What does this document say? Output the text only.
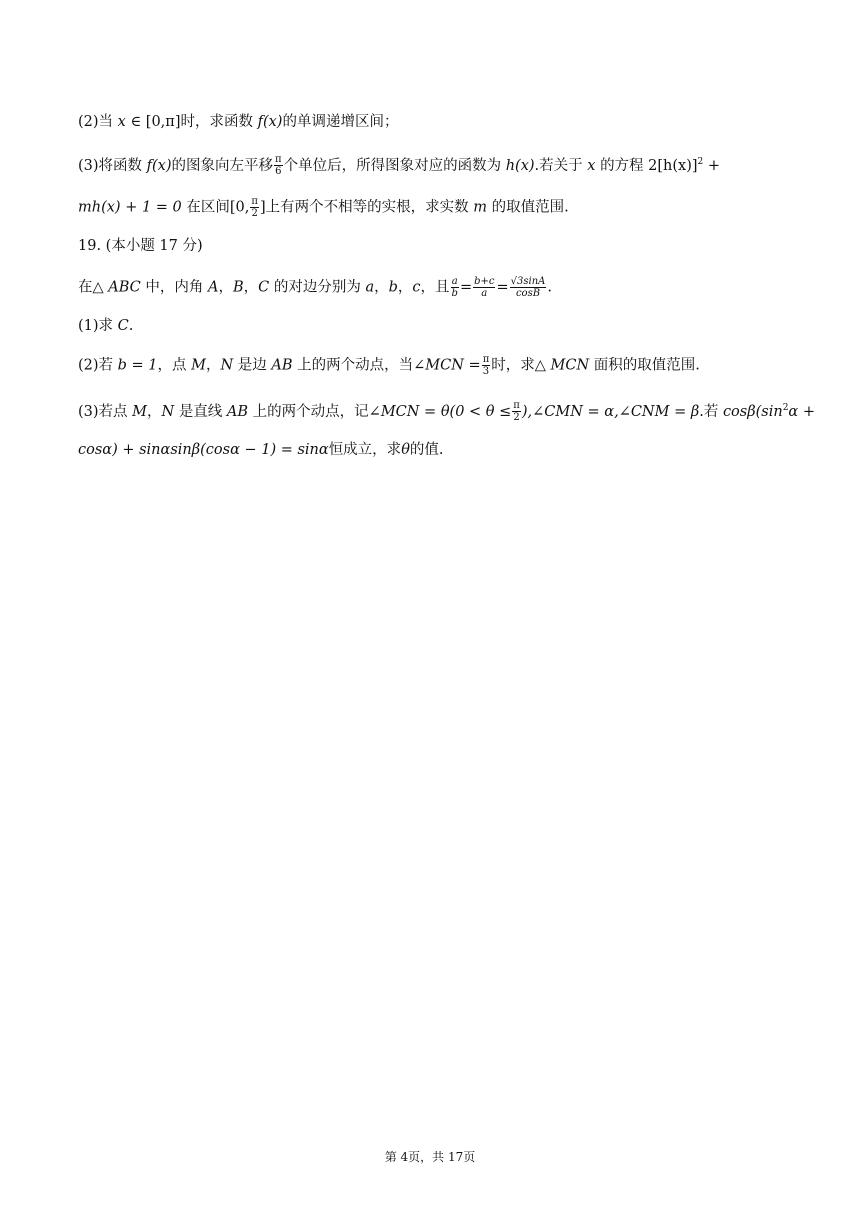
(2)当 x ∈ [0,π]时，求函数 f(x)的单调递增区间；
(3)将函数 f(x)的图象向左平移 $\frac{\pi}{6}$ 个单位后，所得图象对应的函数为 h(x).若关于 x 的方程 $2[h(x)]^2$ +
mh(x) + 1 = 0 在区间[0, $\frac{\pi}{2}$ ]上有两个不相等的实根，求实数 m 的取值范围.
19. (本小题 17 分)
在△ ABC 中，内角 A，B，C 的对边分别为 a，b，c，且 $\frac{a}{b} = \frac{b+c}{a} = \frac{√3\sin A}{\cos B}$ .
(1)求 C.
(2)若 b = 1，点 M，N 是边 AB 上的两个动点，当∠MCN = $\frac{\pi}{3}$ 时，求△ MCN 面积的取值范围.
(3)若点 M，N 是直线 AB 上的两个动点，记∠MCN = $\theta(0 < \theta \le \frac{\pi}{2}$ ),∠CMN = α,∠CNM = β.若 $\cos\beta(\sin^2\alpha$ +
cosα) + sinαsinβ(cosα − 1) = sinα恒成立，求θ的值.
第 4页，共 17页
